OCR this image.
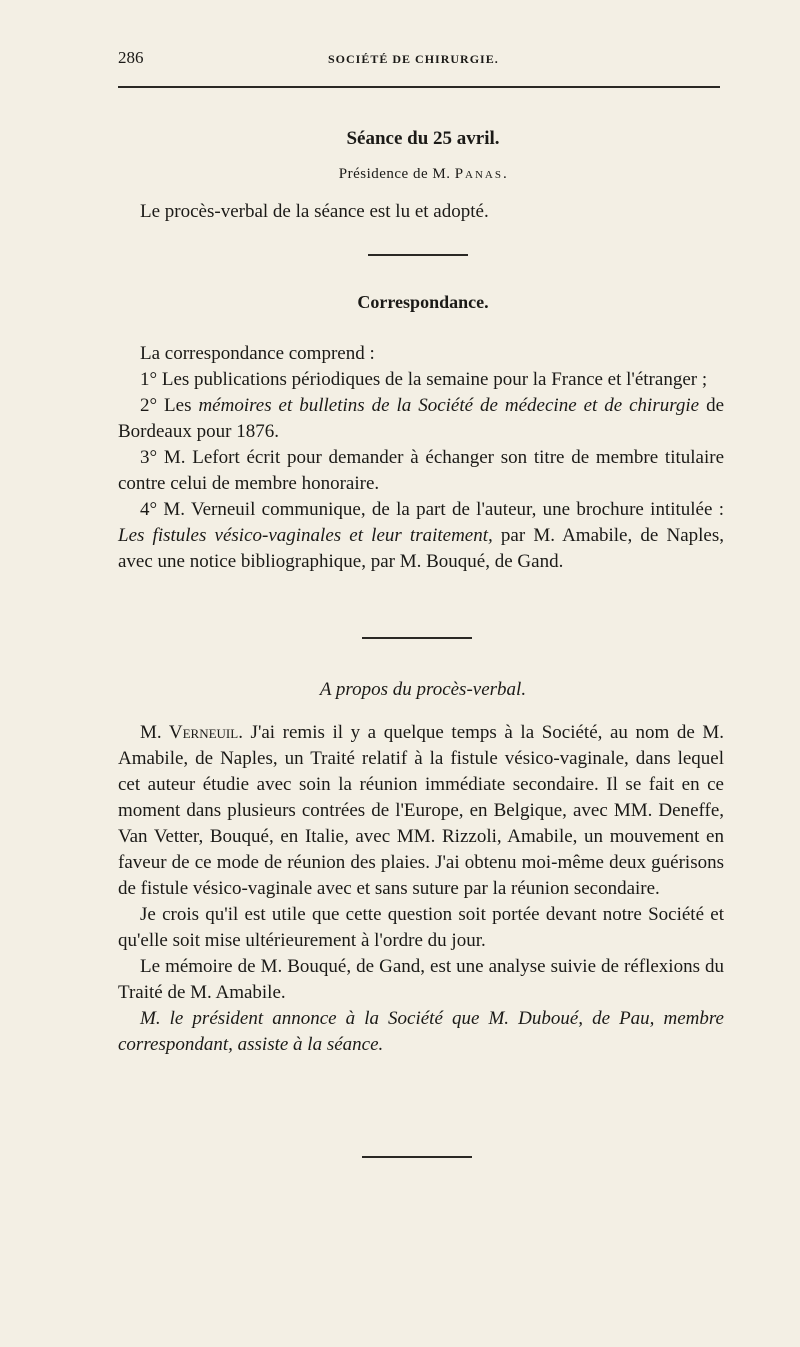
286	SOCIÉTÉ DE CHIRURGIE.
Séance du 25 avril.
Présidence de M. Panas.
Le procès-verbal de la séance est lu et adopté.
Correspondance.

La correspondance comprend :

1° Les publications périodiques de la semaine pour la France et l'étranger ;

2° Les mémoires et bulletins de la Société de médecine et de chirurgie de Bordeaux pour 1876.

3° M. Lefort écrit pour demander à échanger son titre de membre titulaire contre celui de membre honoraire.

4° M. Verneuil communique, de la part de l'auteur, une brochure intitulée : Les fistules vésico-vaginales et leur traitement, par M. Amabile, de Naples, avec une notice bibliographique, par M. Bouqué, de Gand.

A propos du procès-verbal.

M. Verneuil. J'ai remis il y a quelque temps à la Société, au nom de M. Amabile, de Naples, un Traité relatif à la fistule vésico-vaginale, dans lequel cet auteur étudie avec soin la réunion immédiate secondaire. Il se fait en ce moment dans plusieurs contrées de l'Europe, en Belgique, avec MM. Deneffe, Van Vetter, Bouqué, en Italie, avec MM. Rizzoli, Amabile, un mouvement en faveur de ce mode de réunion des plaies. J'ai obtenu moi-même deux guérisons de fistule vésico-vaginale avec et sans suture par la réunion secondaire.

Je crois qu'il est utile que cette question soit portée devant notre Société et qu'elle soit mise ultérieurement à l'ordre du jour.

Le mémoire de M. Bouqué, de Gand, est une analyse suivie de réflexions du Traité de M. Amabile.

M. le président annonce à la Société que M. Duboué, de Pau, membre correspondant, assiste à la séance.
